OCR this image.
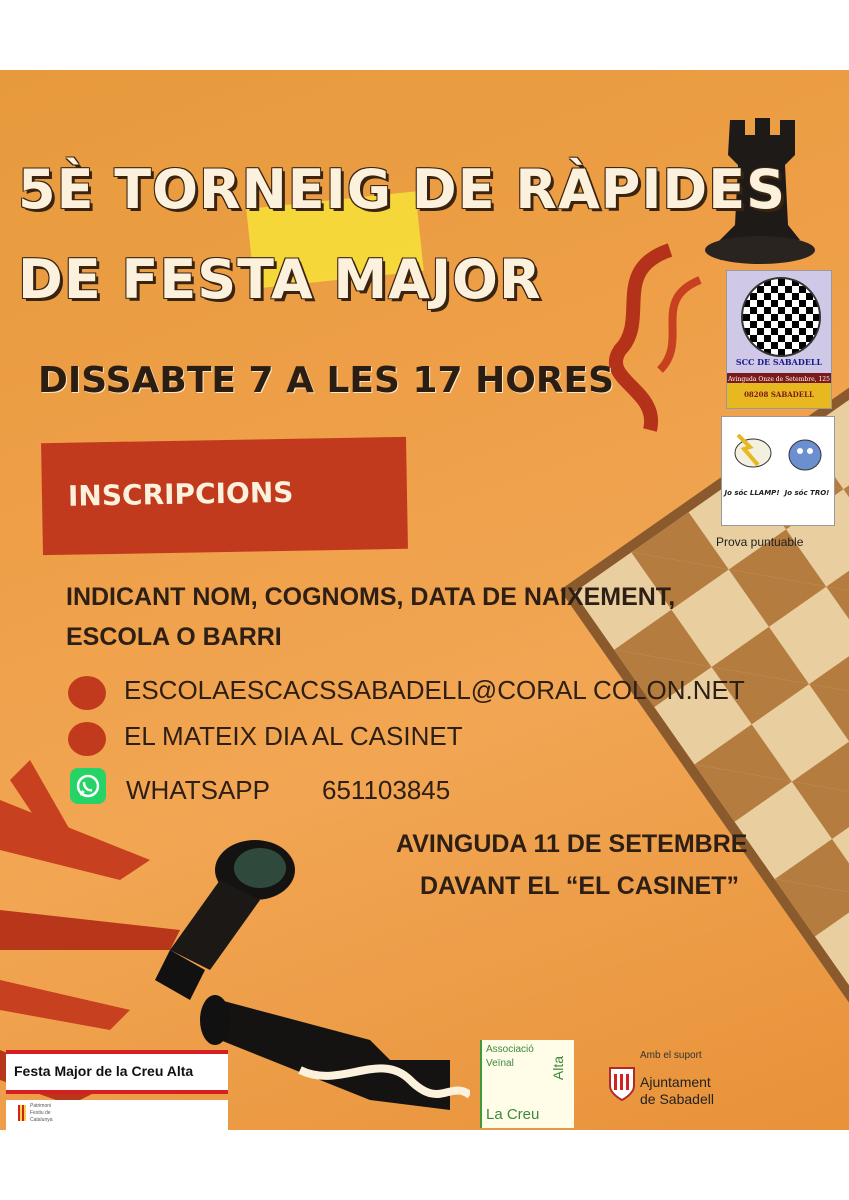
5È TORNEIG DE RÀPIDES
DE FESTA MAJOR
DISSABTE 7 A LES 17 HORES
INSCRIPCIONS
SCC DE SABADELL
Avinguda Onze de Setembre, 125
08208 SABADELL
Jo sóc LLAMP! Jo sóc TRO!
Prova puntuable
INDICANT NOM, COGNOMS, DATA DE NAIXEMENT,
ESCOLA O BARRI
ESCOLAESCACSSABADELL@CORAL COLON.NET
EL MATEIX DIA AL CASINET
WHATSAPP 651103845
AVINGUDA 11 DE SETEMBRE
DAVANT EL “EL CASINET”
Festa Major de la Creu Alta
Patrimoni
Festiu de
Catalunya
Associació
Veïnal
La Creu
Alta
Amb el suport
Ajuntament
de Sabadell
